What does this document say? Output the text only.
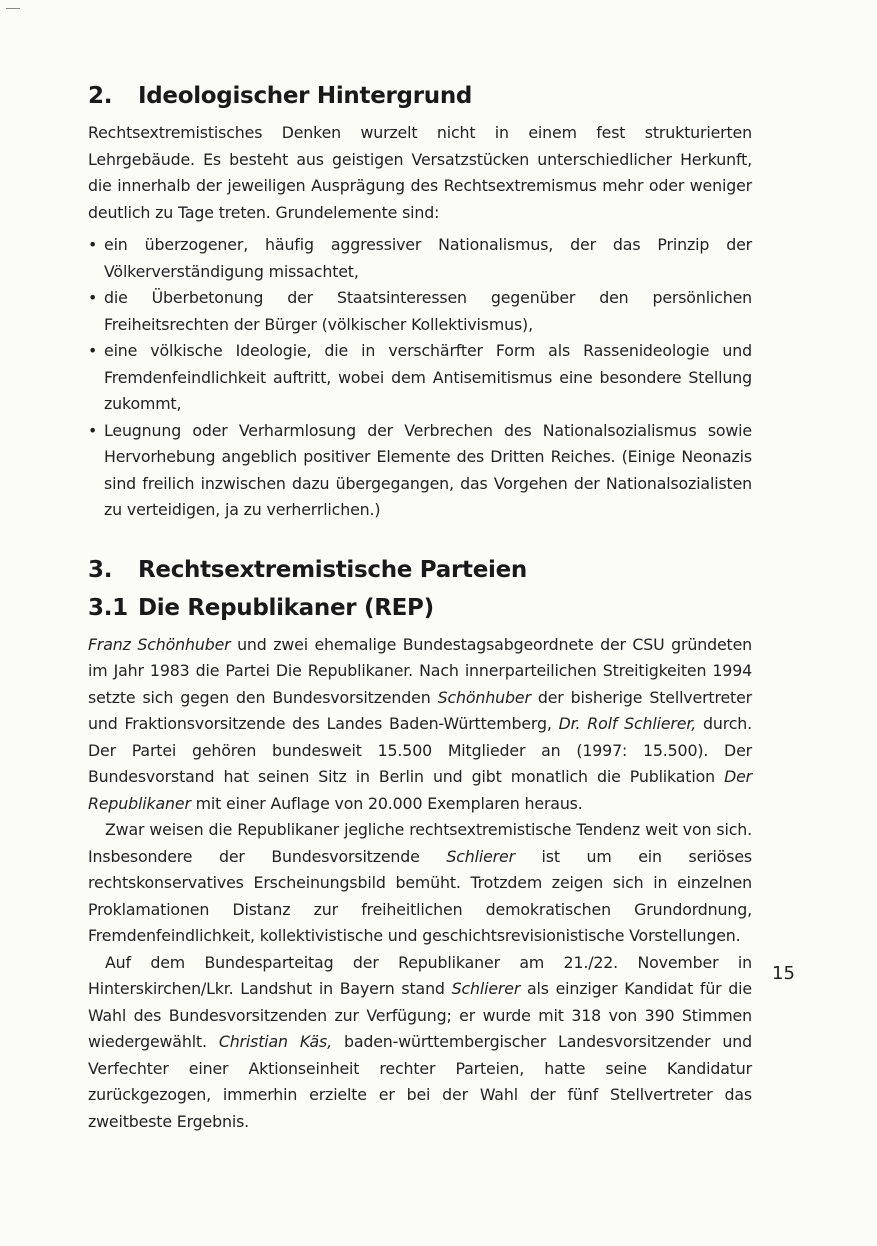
2. Ideologischer Hintergrund

Rechtsextremistisches Denken wurzelt nicht in einem fest strukturierten Lehrgebäude. Es besteht aus geistigen Versatzstücken unterschiedlicher Herkunft, die innerhalb der jeweiligen Ausprägung des Rechtsextremismus mehr oder weniger deutlich zu Tage treten. Grundelemente sind:

• ein überzogener, häufig aggressiver Nationalismus, der das Prinzip der Völkerverständigung missachtet,
• die Überbetonung der Staatsinteressen gegenüber den persönlichen Freiheitsrechten der Bürger (völkischer Kollektivismus),
• eine völkische Ideologie, die in verschärfter Form als Rassenideologie und Fremdenfeindlichkeit auftritt, wobei dem Antisemitismus eine besondere Stellung zukommt,
• Leugnung oder Verharmlosung der Verbrechen des Nationalsozialismus sowie Hervorhebung angeblich positiver Elemente des Dritten Reiches. (Einige Neonazis sind freilich inzwischen dazu übergegangen, das Vorgehen der Nationalsozialisten zu verteidigen, ja zu verherrlichen.)
3. Rechtsextremistische Parteien
3.1 Die Republikaner (REP)

Franz Schönhuber und zwei ehemalige Bundestagsabgeordnete der CSU gründeten im Jahr 1983 die Partei Die Republikaner. Nach innerparteilichen Streitigkeiten 1994 setzte sich gegen den Bundesvorsitzenden Schönhuber der bisherige Stellvertreter und Fraktionsvorsitzende des Landes Baden-Württemberg, Dr. Rolf Schlierer, durch. Der Partei gehören bundesweit 15.500 Mitglieder an (1997: 15.500). Der Bundesvorstand hat seinen Sitz in Berlin und gibt monatlich die Publikation Der Republikaner mit einer Auflage von 20.000 Exemplaren heraus.

Zwar weisen die Republikaner jegliche rechtsextremistische Tendenz weit von sich. Insbesondere der Bundesvorsitzende Schlierer ist um ein seriöses rechtskonservatives Erscheinungsbild bemüht. Trotzdem zeigen sich in einzelnen Proklamationen Distanz zur freiheitlichen demokratischen Grundordnung, Fremdenfeindlichkeit, kollektivistische und geschichtsrevisionistische Vorstellungen.

Auf dem Bundesparteitag der Republikaner am 21./22. November in Hinterskirchen/Lkr. Landshut in Bayern stand Schlierer als einziger Kandidat für die Wahl des Bundesvorsitzenden zur Verfügung; er wurde mit 318 von 390 Stimmen wiedergewählt. Christian Käs, baden-württembergischer Landesvorsitzender und Verfechter einer Aktionseinheit rechter Parteien, hatte seine Kandidatur zurückgezogen, immerhin erzielte er bei der Wahl der fünf Stellvertreter das zweitbeste Ergebnis.

15
